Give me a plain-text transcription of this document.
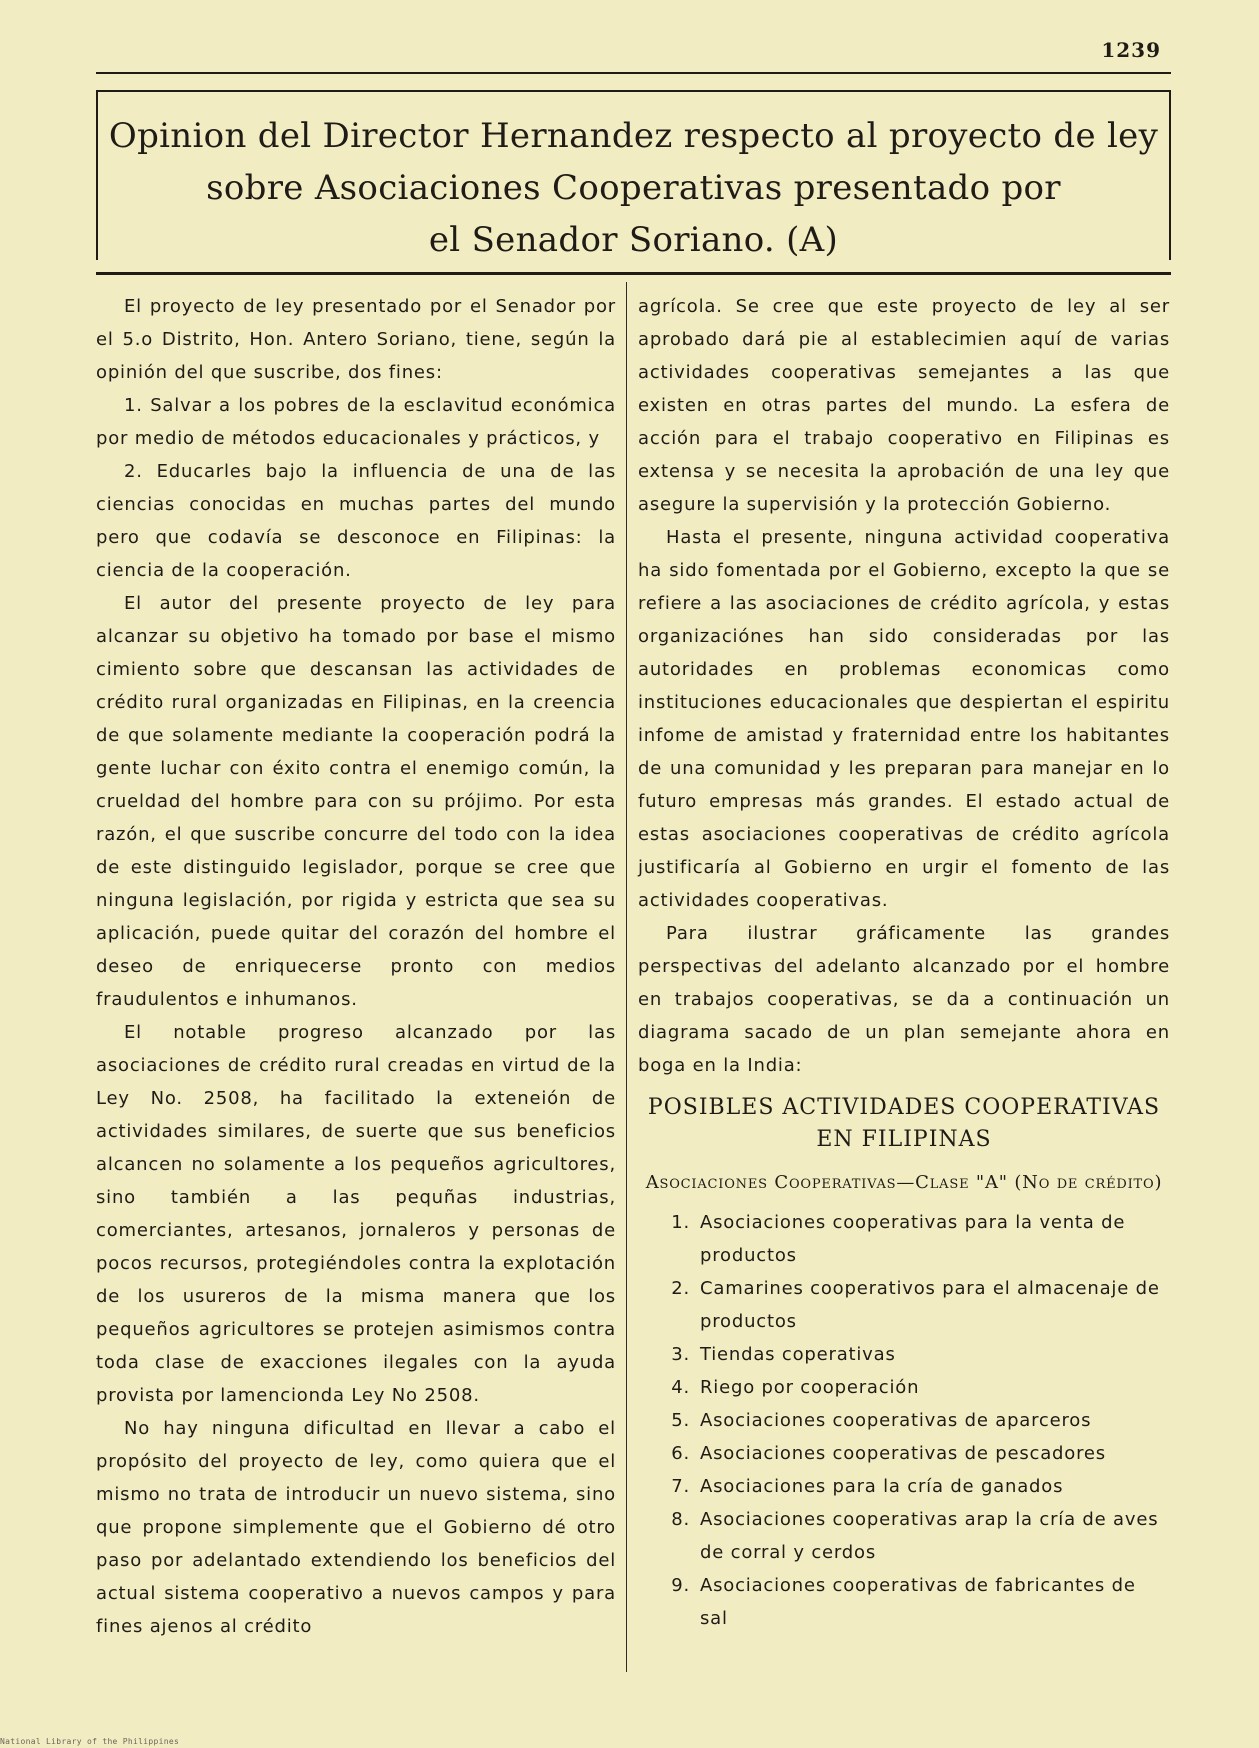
1239
Opinion del Director Hernandez respecto al proyecto de ley
sobre Asociaciones Cooperativas presentado por
el Senador Soriano. (A)

El proyecto de ley presentado por el Senador por el 5.o Distrito, Hon. Antero Soriano, tiene, según la opinión del que suscribe, dos fines:

1. Salvar a los pobres de la esclavitud económica por medio de métodos educacionales y prácticos, y

2. Educarles bajo la influencia de una de las ciencias conocidas en muchas partes del mundo pero que codavía se desconoce en Filipinas: la ciencia de la cooperación.

El autor del presente proyecto de ley para alcanzar su objetivo ha tomado por base el mismo cimiento sobre que descansan las actividades de crédito rural organizadas en Filipinas, en la creencia de que solamente mediante la cooperación podrá la gente luchar con éxito contra el enemigo común, la crueldad del hombre para con su prójimo. Por esta razón, el que suscribe concurre del todo con la idea de este distinguido legislador, porque se cree que ninguna legislación, por rigida y estricta que sea su aplicación, puede quitar del corazón del hombre el deseo de enriquecerse pronto con medios fraudulentos e inhumanos.

El notable progreso alcanzado por las asociaciones de crédito rural creadas en virtud de la Ley No. 2508, ha facilitado la exteneión de actividades similares, de suerte que sus beneficios alcancen no solamente a los pequeños agricultores, sino también a las pequñas industrias, comerciantes, artesanos, jornaleros y personas de pocos recursos, protegiéndoles contra la explotación de los usureros de la misma manera que los pequeños agricultores se protejen asimismos contra toda clase de exacciones ilegales con la ayuda provista por lamencionda Ley No 2508.

No hay ninguna dificultad en llevar a cabo el propósito del proyecto de ley, como quiera que el mismo no trata de introducir un nuevo sistema, sino que propone simplemente que el Gobierno dé otro paso por adelantado extendiendo los beneficios del actual sistema cooperativo a nuevos campos y para fines ajenos al crédito

agrícola. Se cree que este proyecto de ley al ser aprobado dará pie al establecimien aquí de varias actividades cooperativas semejantes a las que existen en otras partes del mundo. La esfera de acción para el trabajo cooperativo en Filipinas es extensa y se necesita la aprobación de una ley que asegure la supervisión y la protección Gobierno.

Hasta el presente, ninguna actividad cooperativa ha sido fomentada por el Gobierno, excepto la que se refiere a las asociaciones de crédito agrícola, y estas organizaciónes han sido consideradas por las autoridades en problemas economicas como instituciones educacionales que despiertan el espiritu infome de amistad y fraternidad entre los habitantes de una comunidad y les preparan para manejar en lo futuro empresas más grandes. El estado actual de estas asociaciones cooperativas de crédito agrícola justificaría al Gobierno en urgir el fomento de las actividades cooperativas.

Para ilustrar gráficamente las grandes perspectivas del adelanto alcanzado por el hombre en trabajos cooperativas, se da a continuación un diagrama sacado de un plan semejante ahora en boga en la India:

POSIBLES ACTIVIDADES COOPERATIVAS EN FILIPINAS
Asociaciones Cooperativas—Clase "A" (No de crédito)
1. Asociaciones cooperativas para la venta de productos
2. Camarines cooperativos para el almacenaje de productos
3. Tiendas coperativas
4. Riego por cooperación
5. Asociaciones cooperativas de aparceros
6. Asociaciones cooperativas de pescadores
7. Asociaciones para la cría de ganados
8. Asociaciones cooperativas arap la cría de aves de corral y cerdos
9. Asociaciones cooperativas de fabricantes de sal
National Library of the Philippines
